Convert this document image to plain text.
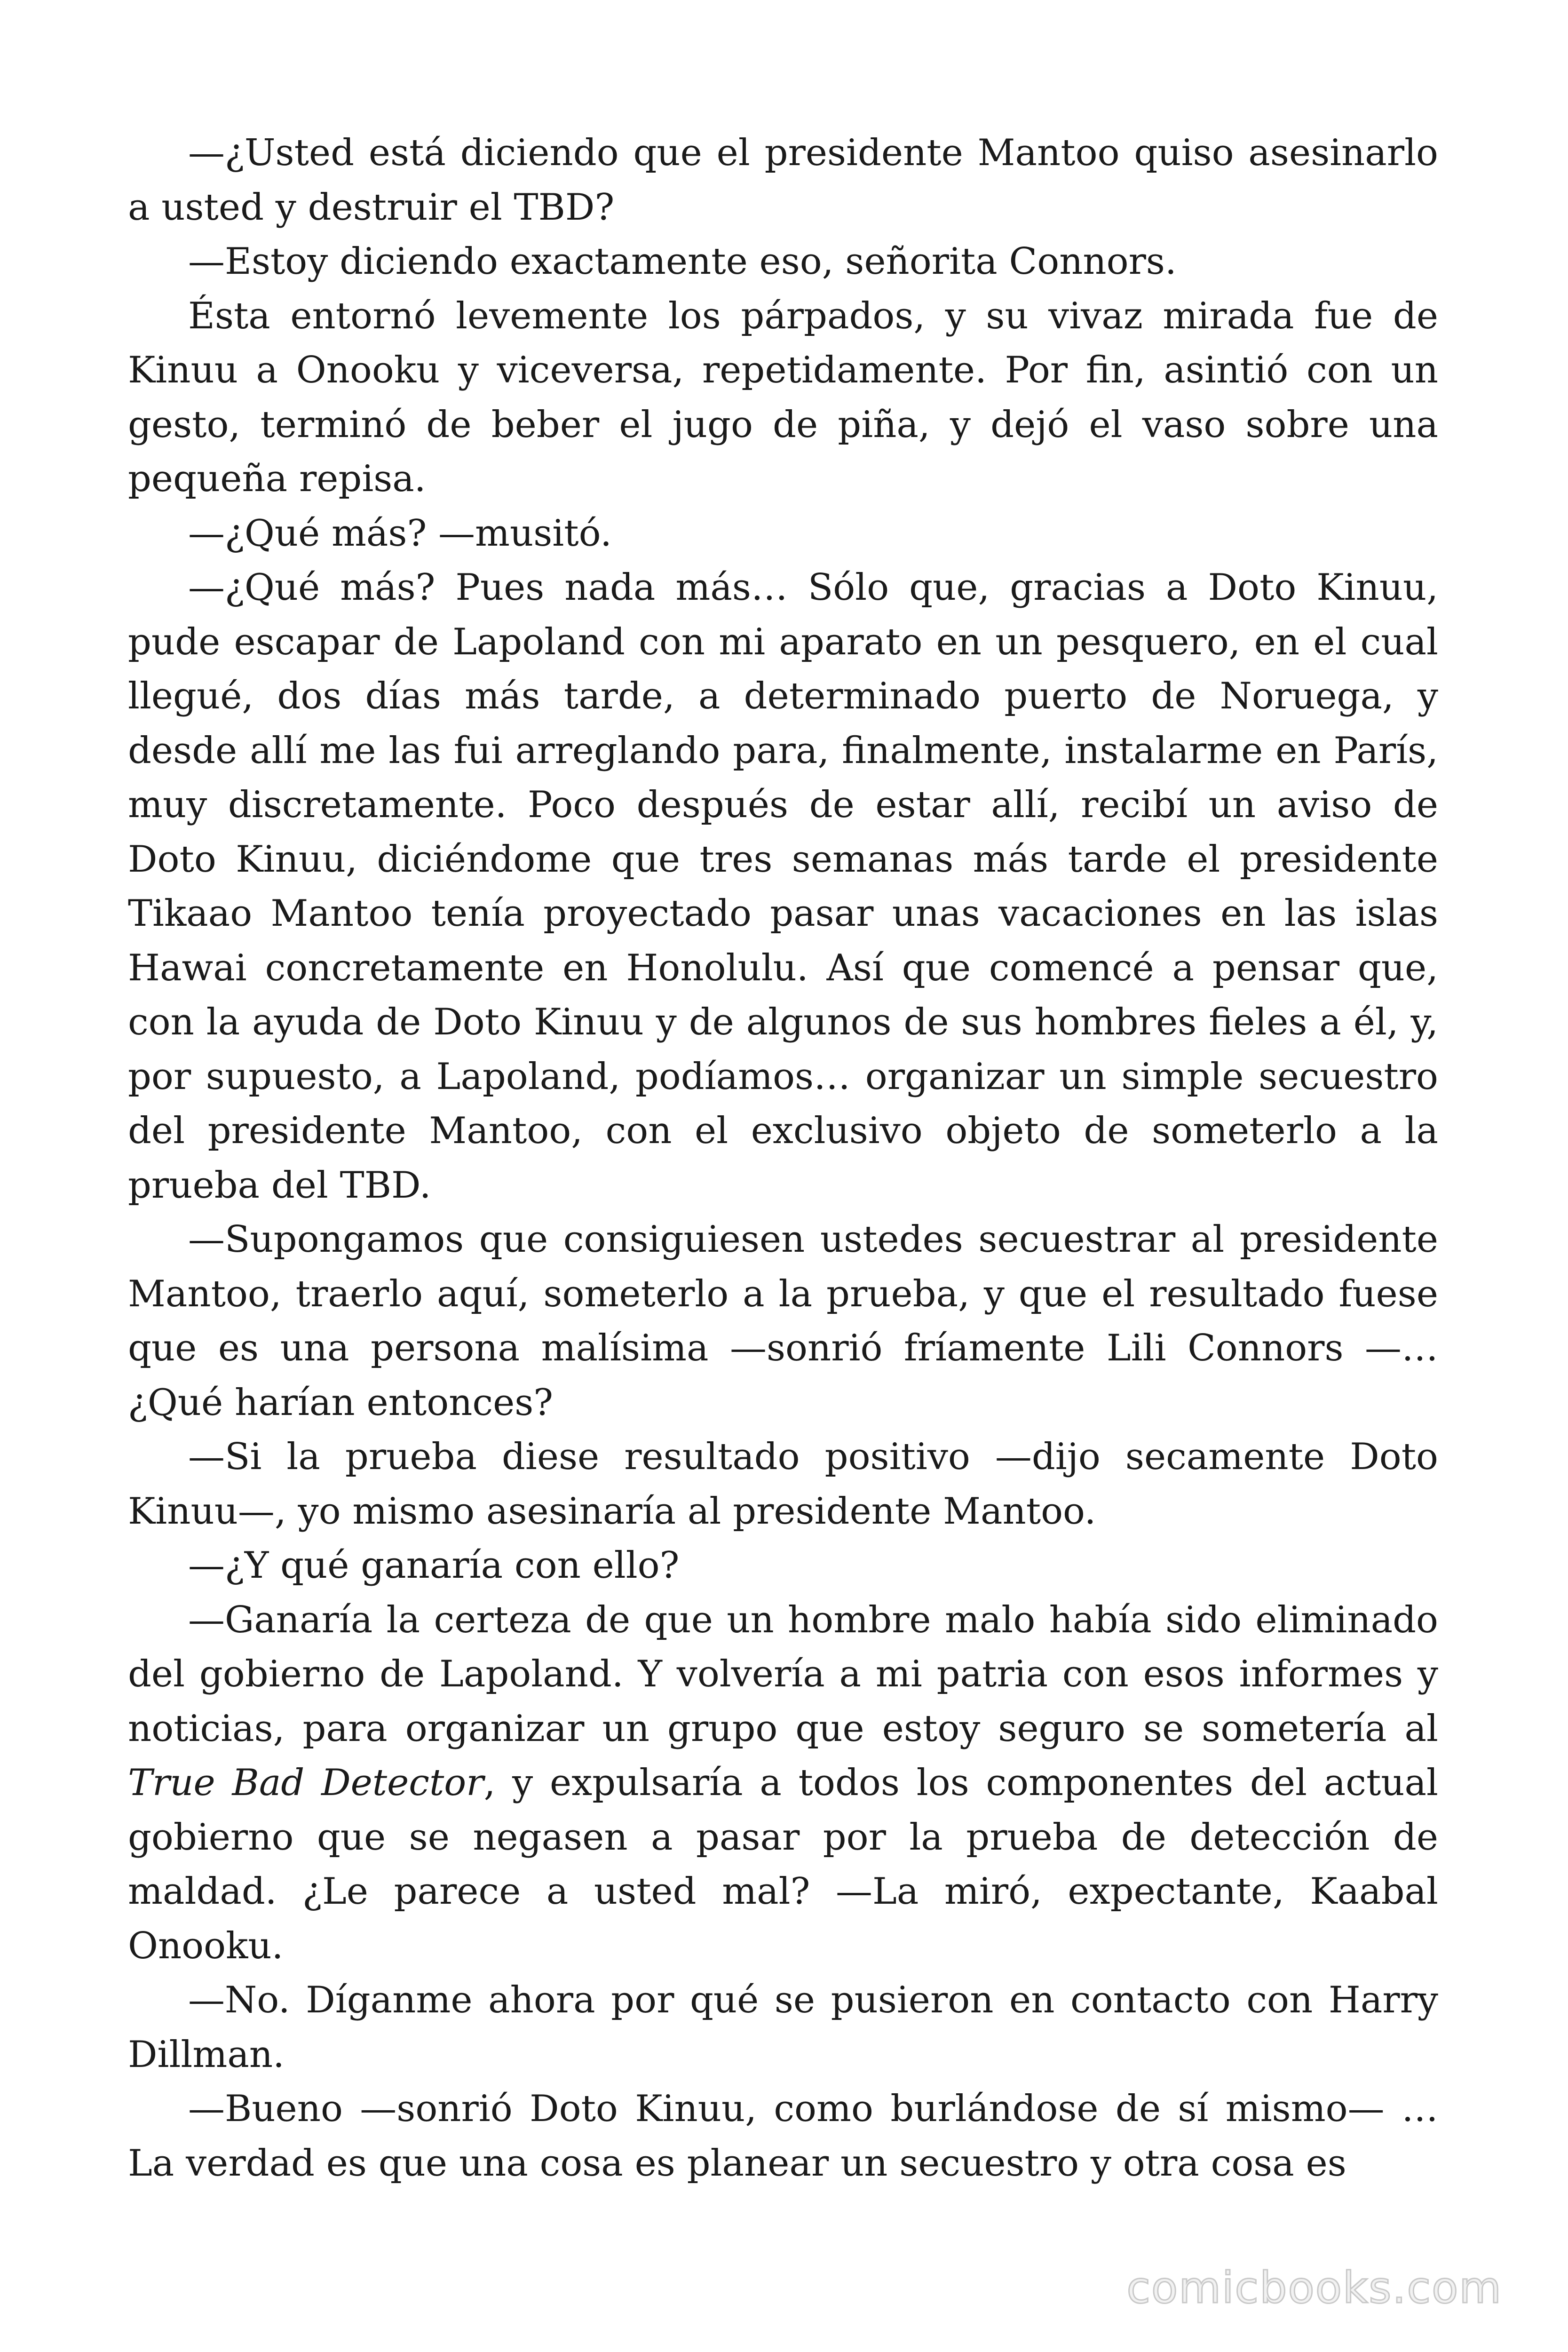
—¿Usted está diciendo que el presidente Mantoo quiso asesinarlo a usted y destruir el TBD?

—Estoy diciendo exactamente eso, señorita Connors.

Ésta entornó levemente los párpados, y su vivaz mirada fue de Kinuu a Onooku y viceversa, repetidamente. Por fin, asintió con un gesto, terminó de beber el jugo de piña, y dejó el vaso sobre una pequeña repisa.

—¿Qué más? —musitó.

—¿Qué más? Pues nada más… Sólo que, gracias a Doto Kinuu, pude escapar de Lapoland con mi aparato en un pesquero, en el cual llegué, dos días más tarde, a determinado puerto de Noruega, y desde allí me las fui arreglando para, finalmente, instalarme en París, muy discretamente. Poco después de estar allí, recibí un aviso de Doto Kinuu, diciéndome que tres semanas más tarde el presidente Tikaao Mantoo tenía proyectado pasar unas vacaciones en las islas Hawai concretamente en Honolulu. Así que comencé a pensar que, con la ayuda de Doto Kinuu y de algunos de sus hombres fieles a él, y, por supuesto, a Lapoland, podíamos… organizar un simple secuestro del presidente Mantoo, con el exclusivo objeto de someterlo a la prueba del TBD.

—Supongamos que consiguiesen ustedes secuestrar al presidente Mantoo, traerlo aquí, someterlo a la prueba, y que el resultado fuese que es una persona malísima —sonrió fríamente Lili Connors —… ¿Qué harían entonces?

—Si la prueba diese resultado positivo —dijo secamente Doto Kinuu—, yo mismo asesinaría al presidente Mantoo.

—¿Y qué ganaría con ello?

—Ganaría la certeza de que un hombre malo había sido eliminado del gobierno de Lapoland. Y volvería a mi patria con esos informes y noticias, para organizar un grupo que estoy seguro se sometería al True Bad Detector, y expulsaría a todos los componentes del actual gobierno que se negasen a pasar por la prueba de detección de maldad. ¿Le parece a usted mal? —La miró, expectante, Kaabal Onooku.

—No. Díganme ahora por qué se pusieron en contacto con Harry Dillman.

—Bueno —sonrió Doto Kinuu, como burlándose de sí mismo— … La verdad es que una cosa es planear un secuestro y otra cosa es

comicbooks.com
